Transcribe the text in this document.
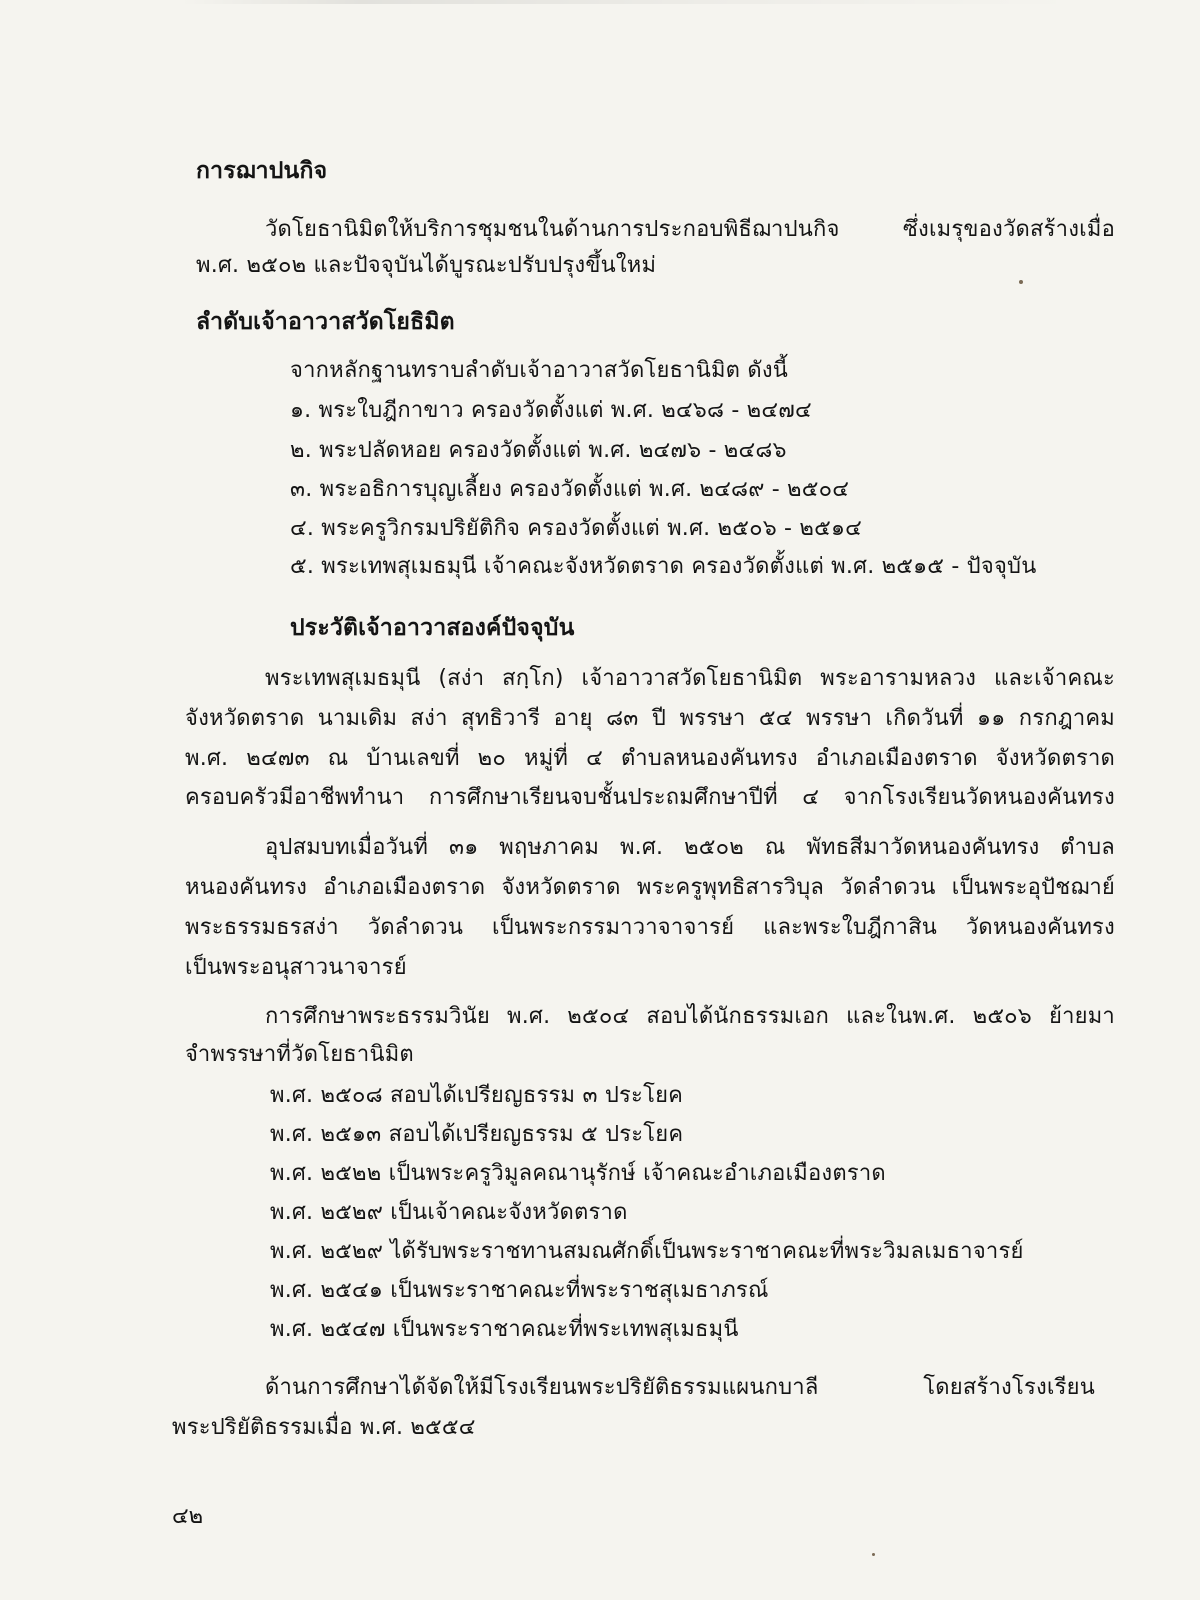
การฌาปนกิจ
วัดโยธานิมิตให้บริการชุมชนในด้านการประกอบพิธีฌาปนกิจ ซึ่งเมรุของวัดสร้างเมื่อ
พ.ศ. ๒๕๐๒ และปัจจุบันได้บูรณะปรับปรุงขึ้นใหม่
ลำดับเจ้าอาวาสวัดโยธิมิต
จากหลักฐานทราบลำดับเจ้าอาวาสวัดโยธานิมิต ดังนี้
๑. พระใบฎีกาขาว ครองวัดตั้งแต่ พ.ศ. ๒๔๖๘ - ๒๔๗๔
๒. พระปลัดหอย ครองวัดตั้งแต่ พ.ศ. ๒๔๗๖ - ๒๔๘๖
๓. พระอธิการบุญเลี้ยง ครองวัดตั้งแต่ พ.ศ. ๒๔๘๙ - ๒๕๐๔
๔. พระครูวิกรมปริยัติกิจ ครองวัดตั้งแต่ พ.ศ. ๒๕๐๖ - ๒๕๑๔
๕. พระเทพสุเมธมุนี เจ้าคณะจังหวัดตราด ครองวัดตั้งแต่ พ.ศ. ๒๕๑๕ - ปัจจุบัน
ประวัติเจ้าอาวาสองค์ปัจจุบัน
พระเทพสุเมธมุนี (สง่า สกฺโก) เจ้าอาวาสวัดโยธานิมิต พระอารามหลวง และเจ้าคณะ
จังหวัดตราด นามเดิม สง่า สุทธิวารี อายุ ๘๓ ปี พรรษา ๕๔ พรรษา เกิดวันที่ ๑๑ กรกฎาคม
พ.ศ. ๒๔๗๓ ณ บ้านเลขที่ ๒๐ หมู่ที่ ๔ ตำบลหนองคันทรง อำเภอเมืองตราด จังหวัดตราด
ครอบครัวมีอาชีพทำนา การศึกษาเรียนจบชั้นประถมศึกษาปีที่ ๔ จากโรงเรียนวัดหนองคันทรง
อุปสมบทเมื่อวันที่ ๓๑ พฤษภาคม พ.ศ. ๒๕๐๒ ณ พัทธสีมาวัดหนองคันทรง ตำบล
หนองคันทรง อำเภอเมืองตราด จังหวัดตราด พระครูพุทธิสารวิบุล วัดลำดวน เป็นพระอุปัชฌาย์
พระธรรมธรสง่า วัดลำดวน เป็นพระกรรมาวาจาจารย์ และพระใบฎีกาสิน วัดหนองคันทรง
เป็นพระอนุสาวนาจารย์
การศึกษาพระธรรมวินัย พ.ศ. ๒๕๐๔ สอบได้นักธรรมเอก และในพ.ศ. ๒๕๐๖ ย้ายมา
จำพรรษาที่วัดโยธานิมิต
พ.ศ. ๒๕๐๘ สอบได้เปรียญธรรม ๓ ประโยค
พ.ศ. ๒๕๑๓ สอบได้เปรียญธรรม ๕ ประโยค
พ.ศ. ๒๕๒๒ เป็นพระครูวิมูลคณานุรักษ์ เจ้าคณะอำเภอเมืองตราด
พ.ศ. ๒๕๒๙ เป็นเจ้าคณะจังหวัดตราด
พ.ศ. ๒๕๒๙ ได้รับพระราชทานสมณศักดิ์เป็นพระราชาคณะที่พระวิมลเมธาจารย์
พ.ศ. ๒๕๔๑ เป็นพระราชาคณะที่พระราชสุเมธาภรณ์
พ.ศ. ๒๕๔๗ เป็นพระราชาคณะที่พระเทพสุเมธมุนี
ด้านการศึกษาได้จัดให้มีโรงเรียนพระปริยัติธรรมแผนกบาลี โดยสร้างโรงเรียน
พระปริยัติธรรมเมื่อ พ.ศ. ๒๕๕๔
๔๒
